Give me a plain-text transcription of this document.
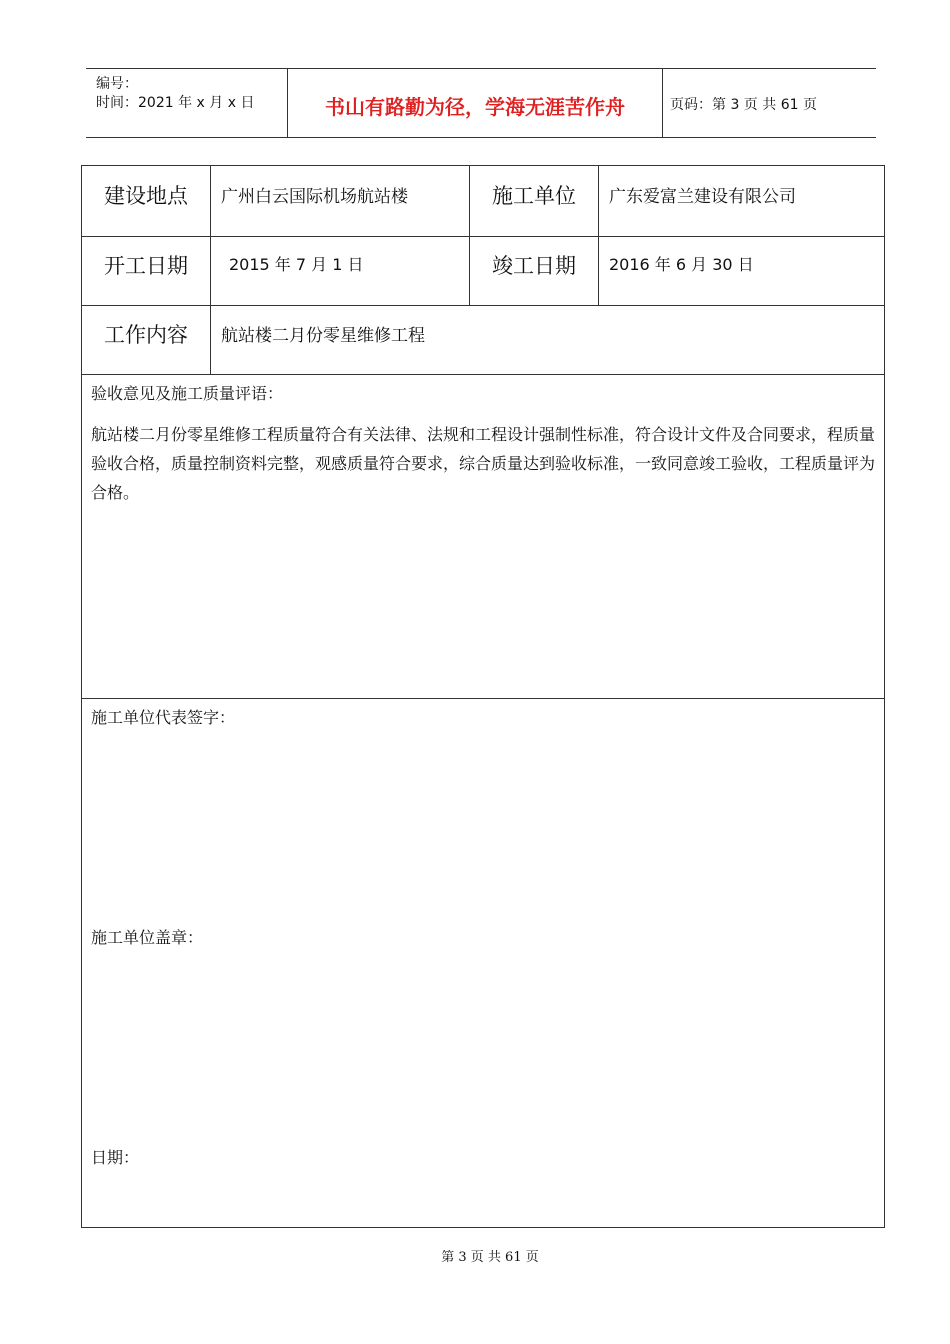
编号：
时间：2021 年 x 月 x 日	书山有路勤为径，学海无涯苦作舟	页码：第 3 页 共 61 页
建设地点	广州白云国际机场航站楼	施工单位	广东爱富兰建设有限公司
开工日期	2015 年 7 月 1 日	竣工日期	2016 年 6 月 30 日
工作内容	航站楼二月份零星维修工程
验收意见及施工质量评语：
航站楼二月份零星维修工程质量符合有关法律、法规和工程设计强制性标准，符合设计文件及合同要求，程质量验收合格，质量控制资料完整，观感质量符合要求，综合质量达到验收标准，一致同意竣工验收，工程质量评为合格。
施工单位代表签字：
施工单位盖章：
日期：
第 3 页 共 61 页
